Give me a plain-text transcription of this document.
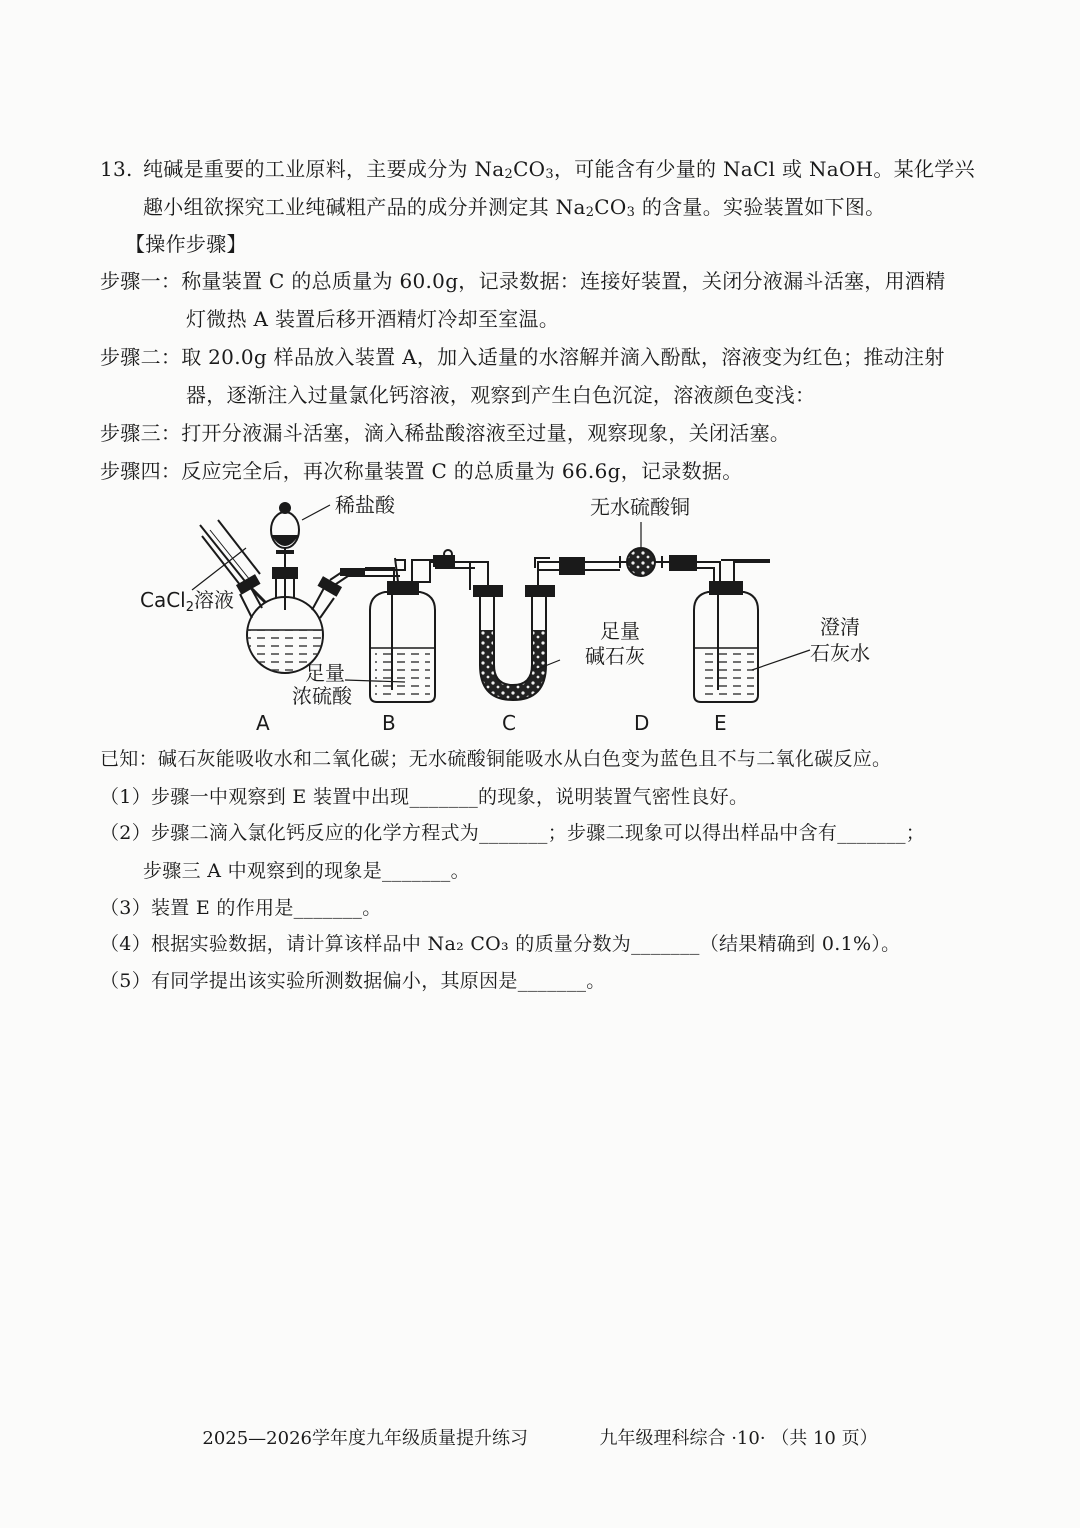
13. 纯碱是重要的工业原料，主要成分为 $Na_2CO_3$，可能含有少量的 NaCl 或 NaOH。某化学兴
趣小组欲探究工业纯碱粗产品的成分并测定其 $Na_2CO_3$ 的含量。实验装置如下图。
【操作步骤】
步骤一：称量装置 C 的总质量为 60.0g，记录数据：连接好装置，关闭分液漏斗活塞，用酒精
灯微热 A 装置后移开酒精灯冷却至室温。
步骤二：取 20.0g 样品放入装置 A，加入适量的水溶解并滴入酚酞，溶液变为红色；推动注射
器，逐渐注入过量氯化钙溶液，观察到产生白色沉淀，溶液颜色变浅：
步骤三：打开分液漏斗活塞，滴入稀盐酸溶液至过量，观察现象，关闭活塞。
步骤四：反应完全后，再次称量装置 C 的总质量为 66.6g，记录数据。
稀盐酸
CaCl$_2$溶液
足量
浓硫酸
足量
碱石灰
无水硫酸铜
澄清
石灰水
A	B	C	D	E
已知：碱石灰能吸收水和二氧化碳；无水硫酸铜能吸水从白色变为蓝色且不与二氧化碳反应。
（1）步骤一中观察到 E 装置中出现_______的现象，说明装置气密性良好。
（2）步骤二滴入氯化钙反应的化学方程式为_______；步骤二现象可以得出样品中含有_______；
步骤三 A 中观察到的现象是_______。
（3）装置 E 的作用是_______。
（4）根据实验数据，请计算该样品中 Na₂ CO₃ 的质量分数为_______（结果精确到 0.1%）。
（5）有同学提出该实验所测数据偏小，其原因是_______。
2025—2026学年度九年级质量提升练习	九年级理科综合 ·10· （共 10 页）
